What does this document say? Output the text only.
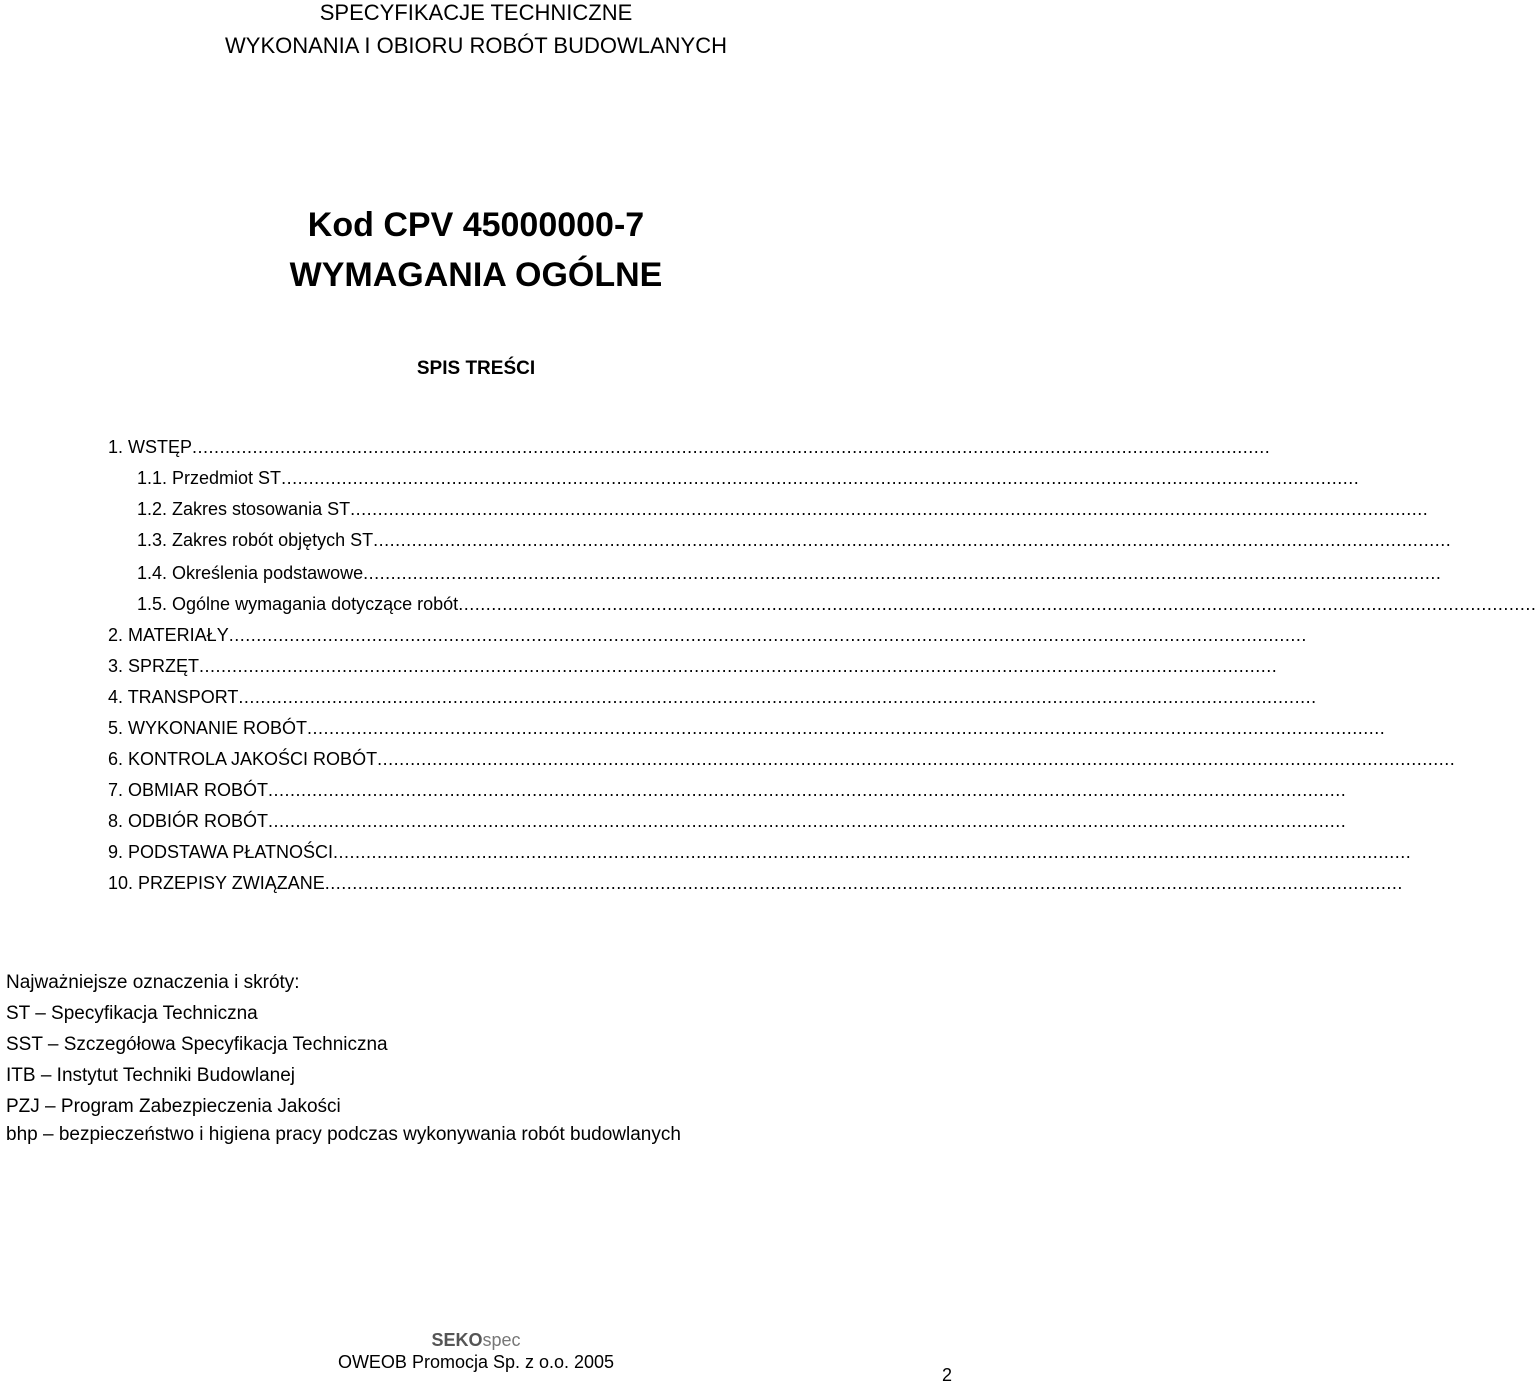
SPECYFIKACJE TECHNICZNE
WYKONANIA I OBIORU ROBÓT BUDOWLANYCH
Kod CPV 45000000-7
WYMAGANIA OGÓLNE
SPIS TREŚCI
1. WSTĘP ....................................................................................................................................................................................................
1.1. Przedmiot ST ....................................................................................................................................................................................................
1.2. Zakres stosowania ST ....................................................................................................................................................................................................
1.3. Zakres robót objętych ST ....................................................................................................................................................................................................
1.4. Określenia podstawowe ....................................................................................................................................................................................................
1.5. Ogólne wymagania dotyczące robót ....................................................................................................................................................................................................
2. MATERIAŁY ....................................................................................................................................................................................................
3. SPRZĘT ....................................................................................................................................................................................................
4. TRANSPORT ....................................................................................................................................................................................................
5. WYKONANIE ROBÓT ....................................................................................................................................................................................................
6. KONTROLA JAKOŚCI ROBÓT ....................................................................................................................................................................................................
7. OBMIAR ROBÓT ....................................................................................................................................................................................................
8. ODBIÓR ROBÓT ....................................................................................................................................................................................................
9. PODSTAWA PŁATNOŚCI ....................................................................................................................................................................................................
10. PRZEPISY ZWIĄZANE ....................................................................................................................................................................................................
Najważniejsze oznaczenia i skróty:
ST – Specyfikacja Techniczna
SST – Szczegółowa Specyfikacja Techniczna
ITB – Instytut Techniki Budowlanej
PZJ – Program Zabezpieczenia Jakości
bhp – bezpieczeństwo i higiena pracy podczas wykonywania robót budowlanych
SEKOspec
OWEOB Promocja Sp. z o.o. 2005
2
